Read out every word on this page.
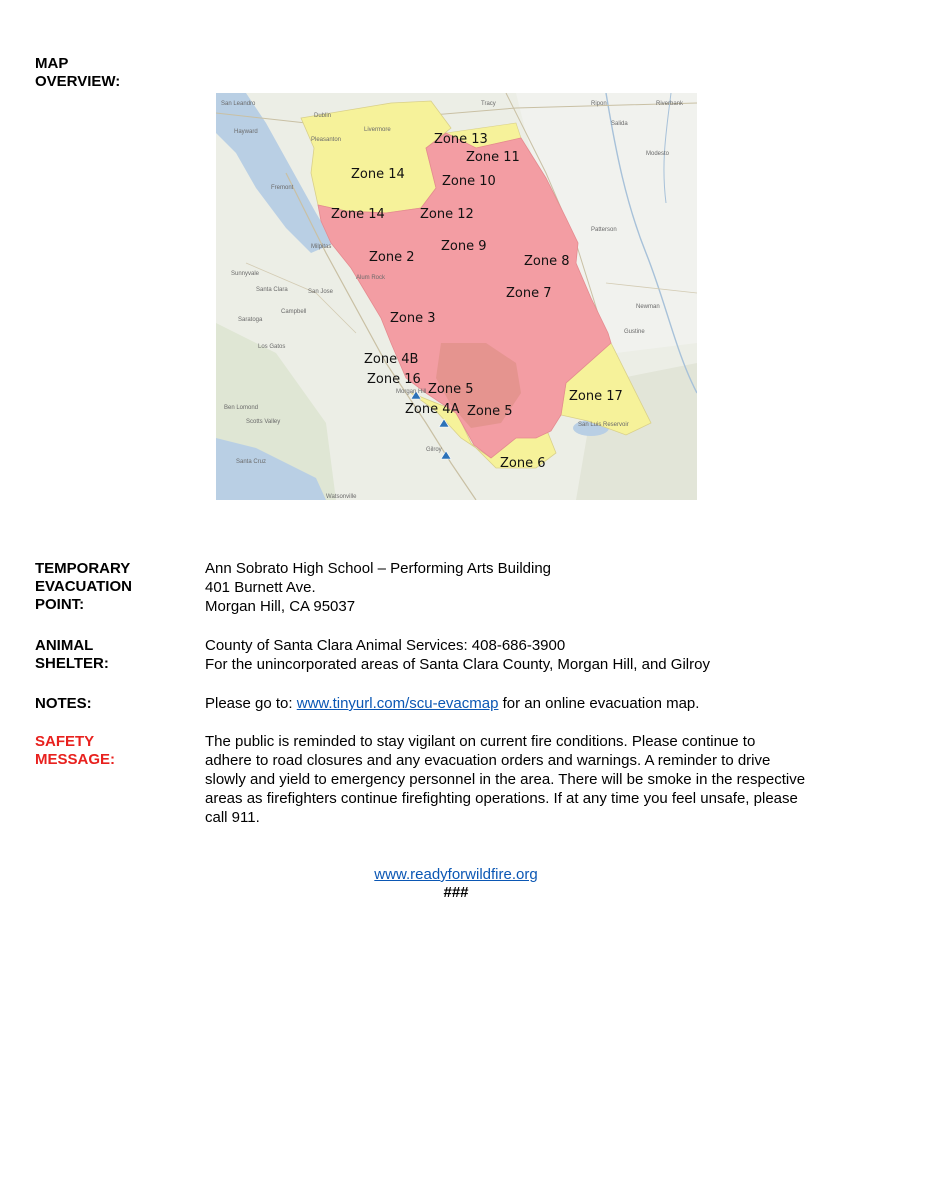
MAP
OVERVIEW:
San Leandro
Dublin
Tracy	Ripon	Riverbank
Hayward
Pleasanton
Livermore
Salida
Modesto
Fremont
Patterson
Milpitas
Sunnyvale
Santa Clara	San Jose
Alum Rock
Campbell
Saratoga
Los Gatos
Newman
Gustine
Morgan Hill
Gilroy
Ben Lomond
Scotts Valley
Santa Cruz
Watsonville
San Luis Reservoir
Zone 13
Zone 11
Zone 14	Zone 10
Zone 14	Zone 12
Zone 9
Zone 2	Zone 8
Zone 7
Zone 3
Zone 4B
Zone 16
Zone 5
Zone 4A Zone 5
Zone 17
Zone 6
TEMPORARY
EVACUATION
POINT:
Ann Sobrato High School – Performing Arts Building
401 Burnett Ave.
Morgan Hill, CA 95037
ANIMAL
SHELTER:
County of Santa Clara Animal Services: 408-686-3900
For the unincorporated areas of Santa Clara County, Morgan Hill, and Gilroy
NOTES:	Please go to: www.tinyurl.com/scu-evacmap for an online evacuation map.
SAFETY
MESSAGE:
The public is reminded to stay vigilant on current fire conditions. Please continue to
adhere to road closures and any evacuation orders and warnings. A reminder to drive
slowly and yield to emergency personnel in the area. There will be smoke in the respective
areas as firefighters continue firefighting operations. If at any time you feel unsafe, please
call 911.
www.readyforwildfire.org
###
